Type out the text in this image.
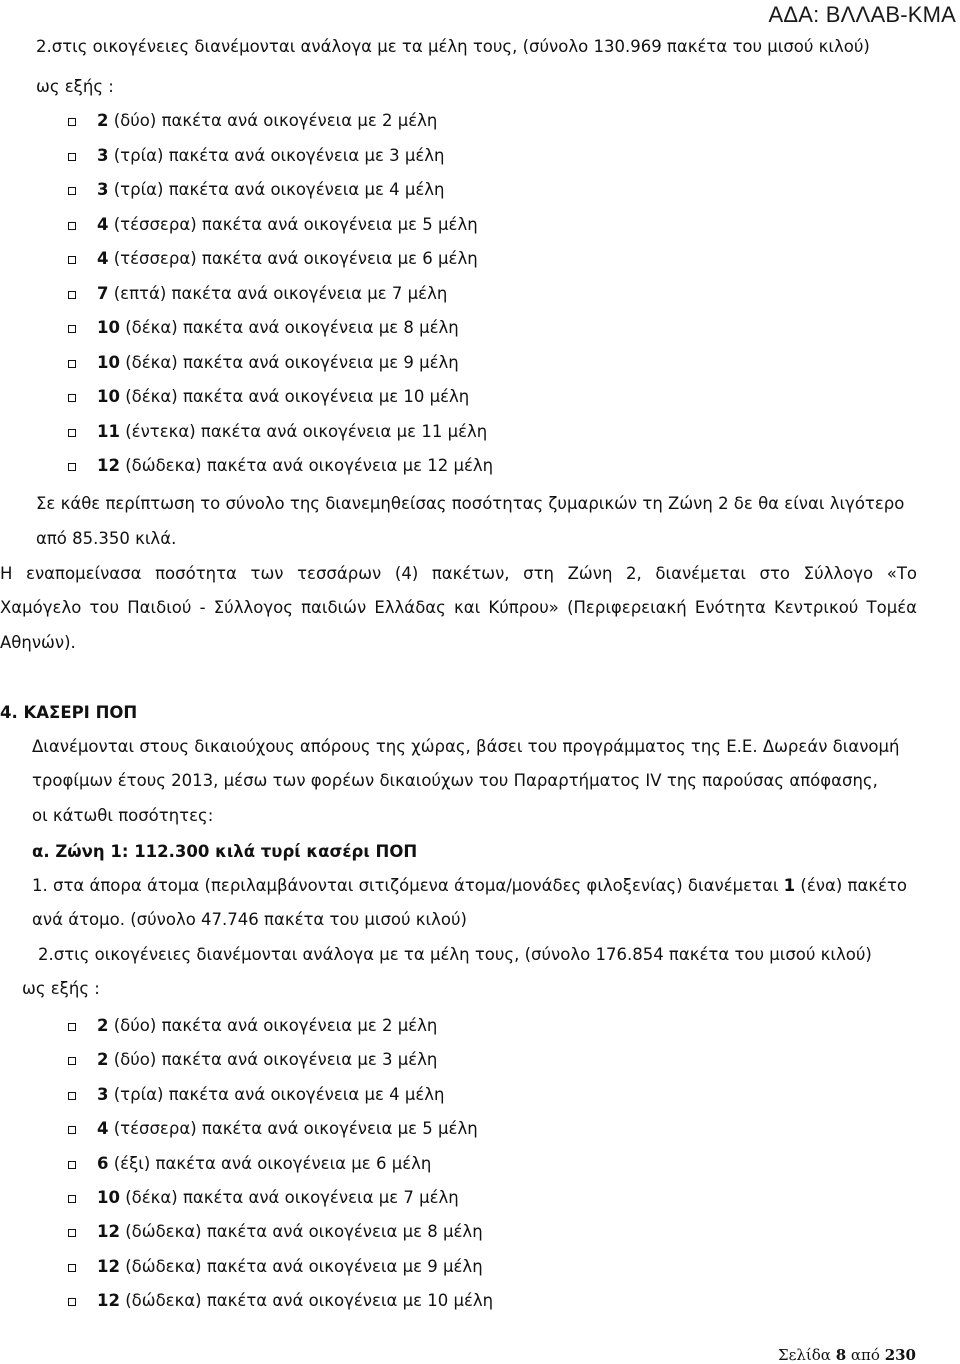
ΑΔΑ: ΒΛΛΑΒ-ΚΜΑ
2.στις οικογένειες διανέμονται ανάλογα με τα μέλη τους, (σύνολο 130.969 πακέτα του μισού κιλού)
ως εξής :
2 (δύο) πακέτα ανά οικογένεια με 2 μέλη
3 (τρία) πακέτα ανά οικογένεια με 3 μέλη
3 (τρία) πακέτα ανά οικογένεια με 4 μέλη
4 (τέσσερα) πακέτα ανά οικογένεια με 5 μέλη
4 (τέσσερα) πακέτα ανά οικογένεια με 6 μέλη
7 (επτά) πακέτα ανά οικογένεια με 7 μέλη
10 (δέκα) πακέτα ανά οικογένεια με 8 μέλη
10 (δέκα) πακέτα ανά οικογένεια με 9 μέλη
10 (δέκα) πακέτα ανά οικογένεια με 10 μέλη
11 (έντεκα) πακέτα ανά οικογένεια με 11 μέλη
12 (δώδεκα) πακέτα ανά οικογένεια με 12 μέλη
Σε κάθε περίπτωση το σύνολο της διανεμηθείσας ποσότητας ζυμαρικών τη Ζώνη 2 δε θα είναι λιγότερο
από 85.350 κιλά.
Η εναπομείνασα ποσότητα των τεσσάρων (4) πακέτων, στη Ζώνη 2, διανέμεται στο Σύλλογο «Το
Χαμόγελο του Παιδιού - Σύλλογος παιδιών Ελλάδας και Κύπρου» (Περιφερειακή Ενότητα Κεντρικού Τομέα
Αθηνών).
4. ΚΑΣΕΡΙ ΠΟΠ
Διανέμονται στους δικαιούχους απόρους της χώρας, βάσει του προγράμματος της Ε.Ε. Δωρεάν διανομή
τροφίμων έτους 2013, μέσω των φορέων δικαιούχων του Παραρτήματος IV της παρούσας απόφασης,
οι κάτωθι ποσότητες:
α. Ζώνη 1: 112.300 κιλά τυρί κασέρι ΠΟΠ
1. στα άπορα άτομα (περιλαμβάνονται σιτιζόμενα άτομα/μονάδες φιλοξενίας) διανέμεται 1 (ένα) πακέτο
ανά άτομο. (σύνολο 47.746 πακέτα του μισού κιλού)
2.στις οικογένειες διανέμονται ανάλογα με τα μέλη τους, (σύνολο 176.854 πακέτα του μισού κιλού)
ως εξής :
2 (δύο) πακέτα ανά οικογένεια με 2 μέλη
2 (δύο) πακέτα ανά οικογένεια με 3 μέλη
3 (τρία) πακέτα ανά οικογένεια με 4 μέλη
4 (τέσσερα) πακέτα ανά οικογένεια με 5 μέλη
6 (έξι) πακέτα ανά οικογένεια με 6 μέλη
10 (δέκα) πακέτα ανά οικογένεια με 7 μέλη
12 (δώδεκα) πακέτα ανά οικογένεια με 8 μέλη
12 (δώδεκα) πακέτα ανά οικογένεια με 9 μέλη
12 (δώδεκα) πακέτα ανά οικογένεια με 10 μέλη
Σελίδα 8 από 230
